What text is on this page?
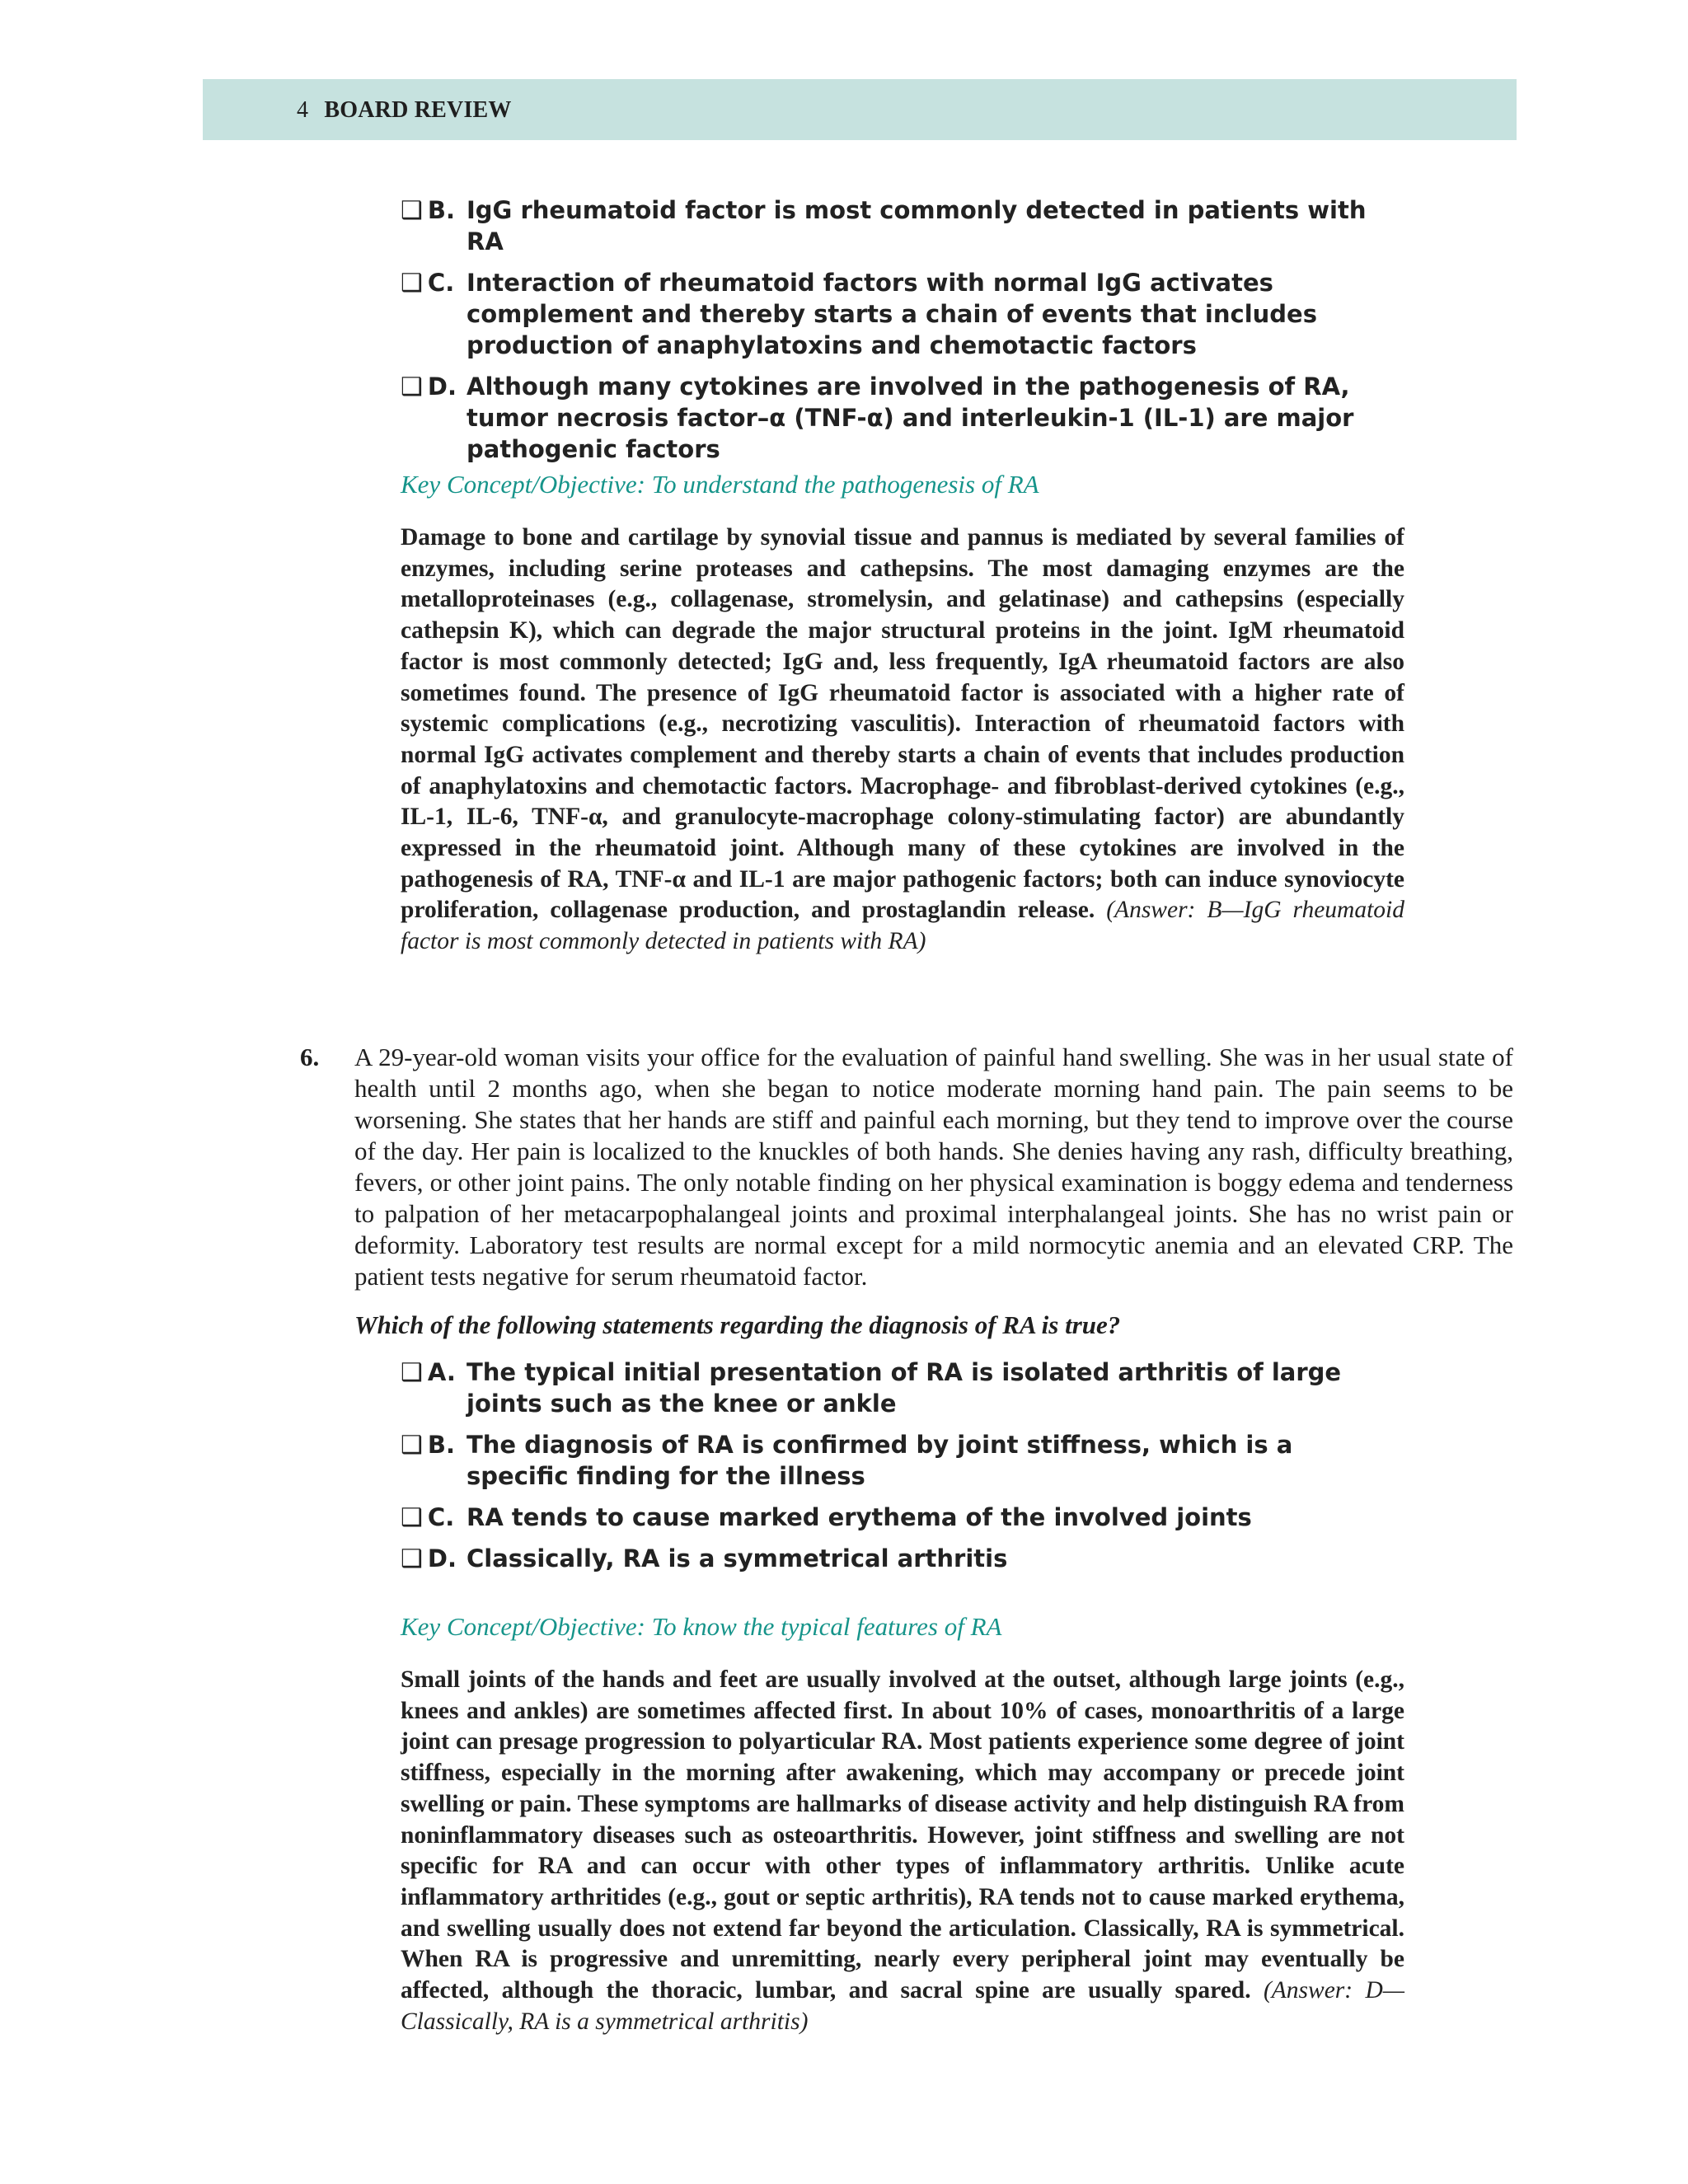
4 BOARD REVIEW
❑ B. IgG rheumatoid factor is most commonly detected in patients with RA
❑ C. Interaction of rheumatoid factors with normal IgG activates complement and thereby starts a chain of events that includes production of anaphylatoxins and chemotactic factors
❑ D. Although many cytokines are involved in the pathogenesis of RA, tumor necrosis factor–α (TNF-α) and interleukin-1 (IL-1) are major pathogenic factors
Key Concept/Objective: To understand the pathogenesis of RA
Damage to bone and cartilage by synovial tissue and pannus is mediated by several families of enzymes, including serine proteases and cathepsins. The most damaging enzymes are the metalloproteinases (e.g., collagenase, stromelysin, and gelatinase) and cathepsins (especially cathepsin K), which can degrade the major structural proteins in the joint. IgM rheumatoid factor is most commonly detected; IgG and, less frequently, IgA rheumatoid factors are also sometimes found. The presence of IgG rheumatoid factor is associated with a higher rate of systemic complications (e.g., necrotizing vasculitis). Interaction of rheumatoid factors with normal IgG activates complement and thereby starts a chain of events that includes production of anaphylatoxins and chemotactic factors. Macrophage- and fibroblast-derived cytokines (e.g., IL-1, IL-6, TNF-α, and granulocyte-macrophage colony-stimulating factor) are abundantly expressed in the rheumatoid joint. Although many of these cytokines are involved in the pathogenesis of RA, TNF-α and IL-1 are major pathogenic factors; both can induce synoviocyte proliferation, collagenase production, and prostaglandin release. (Answer: B—IgG rheumatoid factor is most commonly detected in patients with RA)
6. A 29-year-old woman visits your office for the evaluation of painful hand swelling. She was in her usual state of health until 2 months ago, when she began to notice moderate morning hand pain. The pain seems to be worsening. She states that her hands are stiff and painful each morning, but they tend to improve over the course of the day. Her pain is localized to the knuckles of both hands. She denies having any rash, difficulty breathing, fevers, or other joint pains. The only notable finding on her physical examination is boggy edema and tenderness to palpation of her metacarpophalangeal joints and proximal interphalangeal joints. She has no wrist pain or deformity. Laboratory test results are normal except for a mild normocytic anemia and an elevated CRP. The patient tests negative for serum rheumatoid factor.
Which of the following statements regarding the diagnosis of RA is true?
❑ A. The typical initial presentation of RA is isolated arthritis of large joints such as the knee or ankle
❑ B. The diagnosis of RA is confirmed by joint stiffness, which is a specific finding for the illness
❑ C. RA tends to cause marked erythema of the involved joints
❑ D. Classically, RA is a symmetrical arthritis
Key Concept/Objective: To know the typical features of RA
Small joints of the hands and feet are usually involved at the outset, although large joints (e.g., knees and ankles) are sometimes affected first. In about 10% of cases, monoarthritis of a large joint can presage progression to polyarticular RA. Most patients experience some degree of joint stiffness, especially in the morning after awakening, which may accompany or precede joint swelling or pain. These symptoms are hallmarks of disease activity and help distinguish RA from noninflammatory diseases such as osteoarthritis. However, joint stiffness and swelling are not specific for RA and can occur with other types of inflammatory arthritis. Unlike acute inflammatory arthritides (e.g., gout or septic arthritis), RA tends not to cause marked erythema, and swelling usually does not extend far beyond the articulation. Classically, RA is symmetrical. When RA is progressive and unremitting, nearly every peripheral joint may eventually be affected, although the thoracic, lumbar, and sacral spine are usually spared. (Answer: D—Classically, RA is a symmetrical arthritis)
